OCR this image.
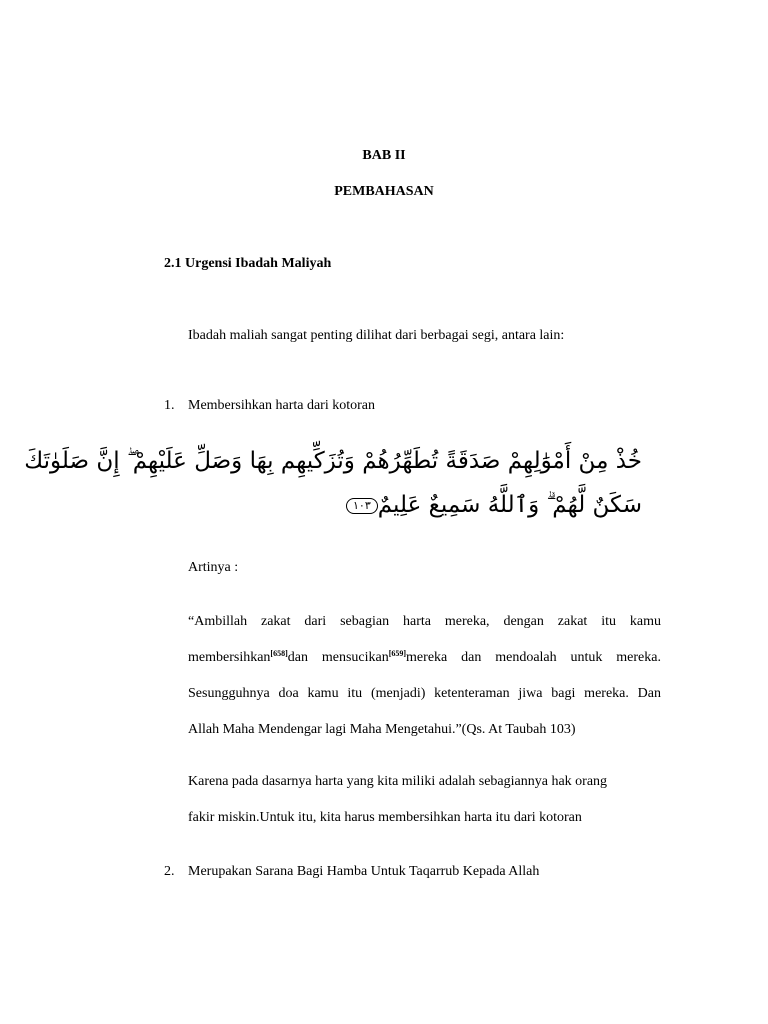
BAB II
PEMBAHASAN
2.1 Urgensi Ibadah Maliyah
Ibadah maliah sangat penting dilihat dari berbagai segi, antara lain:
1. Membersihkan harta dari kotoran
خُذْ مِنْ أَمْوَٰلِهِمْ صَدَقَةً تُطَهِّرُهُمْ وَتُزَكِّيهِم بِهَا وَصَلِّ عَلَيْهِمْ ۖ إِنَّ صَلَوٰتَكَ
سَكَنٌ لَّهُمْ ۗ وَٱللَّهُ سَمِيعٌ عَلِيمٌ١٠٣
Artinya :
“Ambillah zakat dari sebagian harta mereka, dengan zakat itu kamu
membersihkan[658]dan mensucikan[659]mereka dan mendoalah untuk mereka.
Sesungguhnya doa kamu itu (menjadi) ketenteraman jiwa bagi mereka. Dan
Allah Maha Mendengar lagi Maha Mengetahui.”(Qs. At Taubah 103)
Karena pada dasarnya harta yang kita miliki adalah sebagiannya hak orang
fakir miskin.Untuk itu, kita harus membersihkan harta itu dari kotoran
2. Merupakan Sarana Bagi Hamba Untuk Taqarrub Kepada Allah
